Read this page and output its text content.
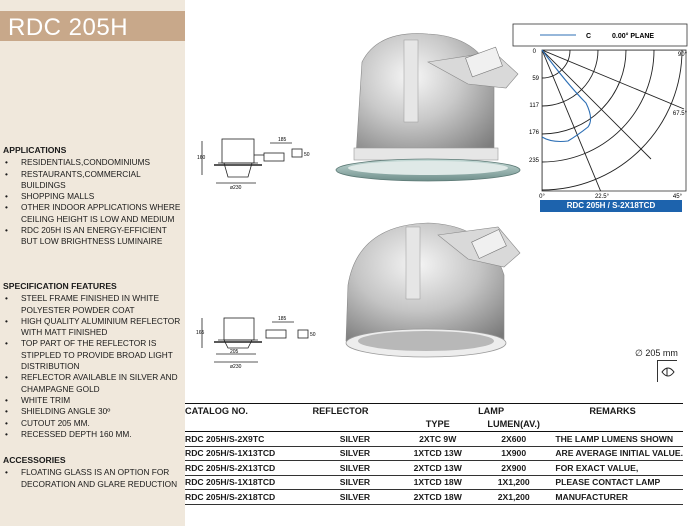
RDC 205H
APPLICATIONS
• RESIDENTIALS,CONDOMINIUMS
• RESTAURANTS,COMMERCIAL BUILDINGS
• SHOPPING MALLS
• OTHER INDOOR APPLICATIONS WHERE CEILING HEIGHT IS LOW AND MEDIUM
• RDC 205H IS AN ENERGY-EFFICIENT BUT LOW BRIGHTNESS LUMINAIRE
SPECIFICATION FEATURES
• STEEL FRAME FINISHED IN WHITE POLYESTER POWDER COAT
• HIGH QUALITY ALUMINIUM REFLECTOR WITH MATT FINISHED
• TOP PART OF THE REFLECTOR IS STIPPLED TO PROVIDE BROAD LIGHT DISTRIBUTION
• REFLECTOR AVAILABLE IN SILVER AND CHAMPAGNE GOLD
• WHITE TRIM
• SHIELDING ANGLE 30º
• CUTOUT 205 MM.
• RECESSED DEPTH 160 MM.
ACCESSORIES
• FLOATING GLASS IS AN OPTION FOR DECORATION AND GLARE REDUCTION
160
ø230
185
50
165
205
ø230
185
50
C	0.00° PLANE
0
59
117
176
235
0°	22.5°	45°
67.5°
90°
RDC 205H / S-2X18TCD
∅ 205 mm
CATALOG NO.	REFLECTOR		LAMP	REMARKS
		TYPE	LUMEN(AV.)	
RDC 205H/S-2X9TC	SILVER	2XTC 9W	2X600	THE LAMP LUMENS SHOWN
RDC 205H/S-1X13TCD	SILVER	1XTCD 13W	1X900	ARE AVERAGE INITIAL VALUE.
RDC 205H/S-2X13TCD	SILVER	2XTCD 13W	2X900	FOR EXACT VALUE,
RDC 205H/S-1X18TCD	SILVER	1XTCD 18W	1X1,200	PLEASE CONTACT LAMP
RDC 205H/S-2X18TCD	SILVER	2XTCD 18W	2X1,200	MANUFACTURER
